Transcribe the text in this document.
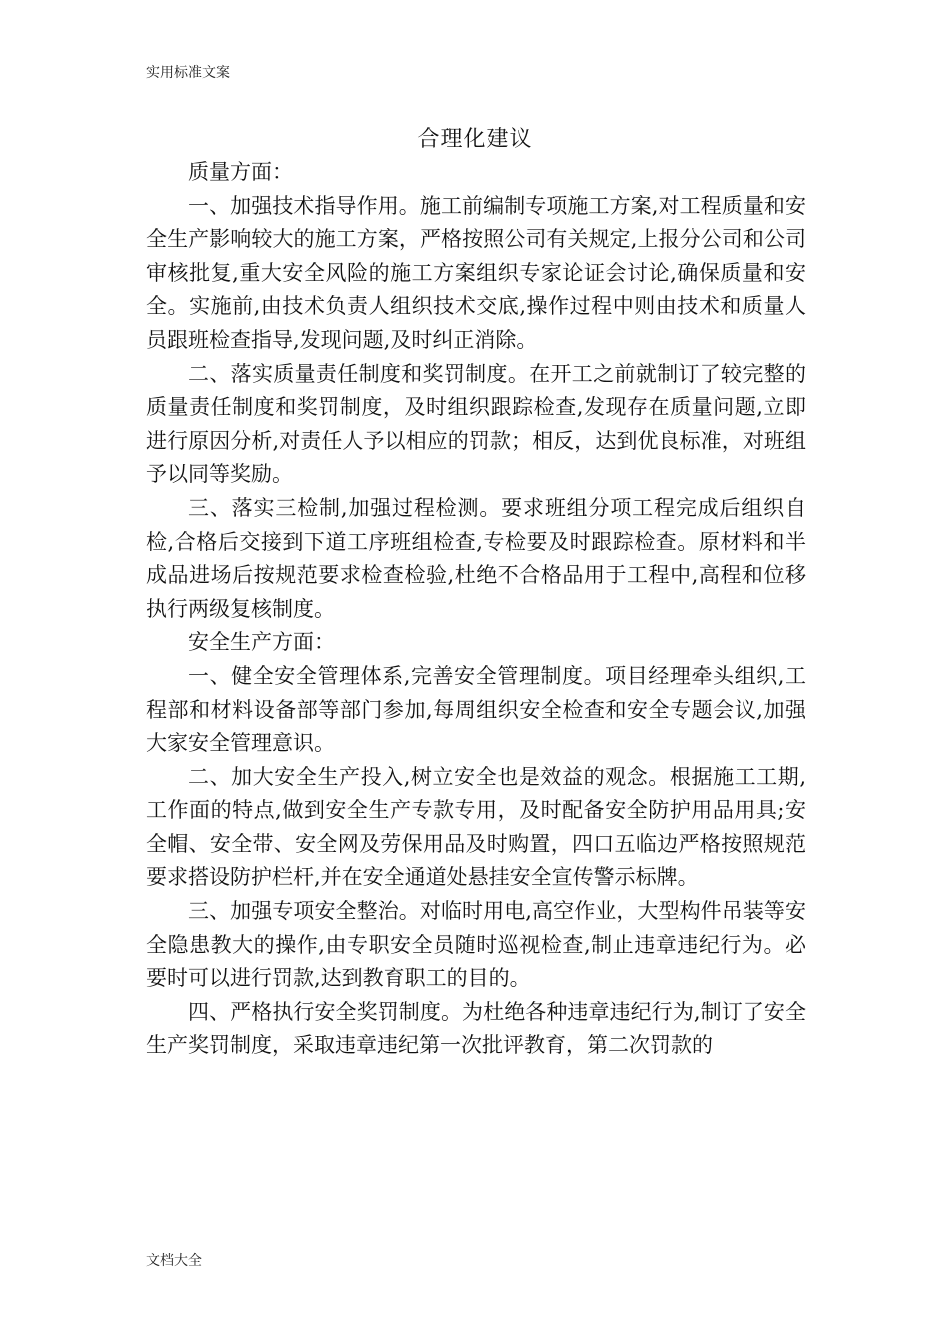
实用标准文案
合理化建议

质量方面：

一、加强技术指导作用。施工前编制专项施工方案,对工程质量和安全生产影响较大的施工方案，严格按照公司有关规定,上报分公司和公司审核批复,重大安全风险的施工方案组织专家论证会讨论,确保质量和安全。实施前,由技术负责人组织技术交底,操作过程中则由技术和质量人员跟班检查指导,发现问题,及时纠正消除。

二、落实质量责任制度和奖罚制度。在开工之前就制订了较完整的质量责任制度和奖罚制度，及时组织跟踪检查,发现存在质量问题,立即进行原因分析,对责任人予以相应的罚款；相反，达到优良标准，对班组予以同等奖励。

三、落实三检制,加强过程检测。要求班组分项工程完成后组织自检,合格后交接到下道工序班组检查,专检要及时跟踪检查。原材料和半成品进场后按规范要求检查检验,杜绝不合格品用于工程中,高程和位移执行两级复核制度。

安全生产方面：

一、健全安全管理体系,完善安全管理制度。项目经理牵头组织,工程部和材料设备部等部门参加,每周组织安全检查和安全专题会议,加强大家安全管理意识。

二、加大安全生产投入,树立安全也是效益的观念。根据施工工期,工作面的特点,做到安全生产专款专用，及时配备安全防护用品用具;安全帽、安全带、安全网及劳保用品及时购置，四口五临边严格按照规范要求搭设防护栏杆,并在安全通道处悬挂安全宣传警示标牌。

三、加强专项安全整治。对临时用电,高空作业，大型构件吊装等安全隐患教大的操作,由专职安全员随时巡视检查,制止违章违纪行为。必要时可以进行罚款,达到教育职工的目的。

四、严格执行安全奖罚制度。为杜绝各种违章违纪行为,制订了安全生产奖罚制度，采取违章违纪第一次批评教育，第二次罚款的

文档大全
